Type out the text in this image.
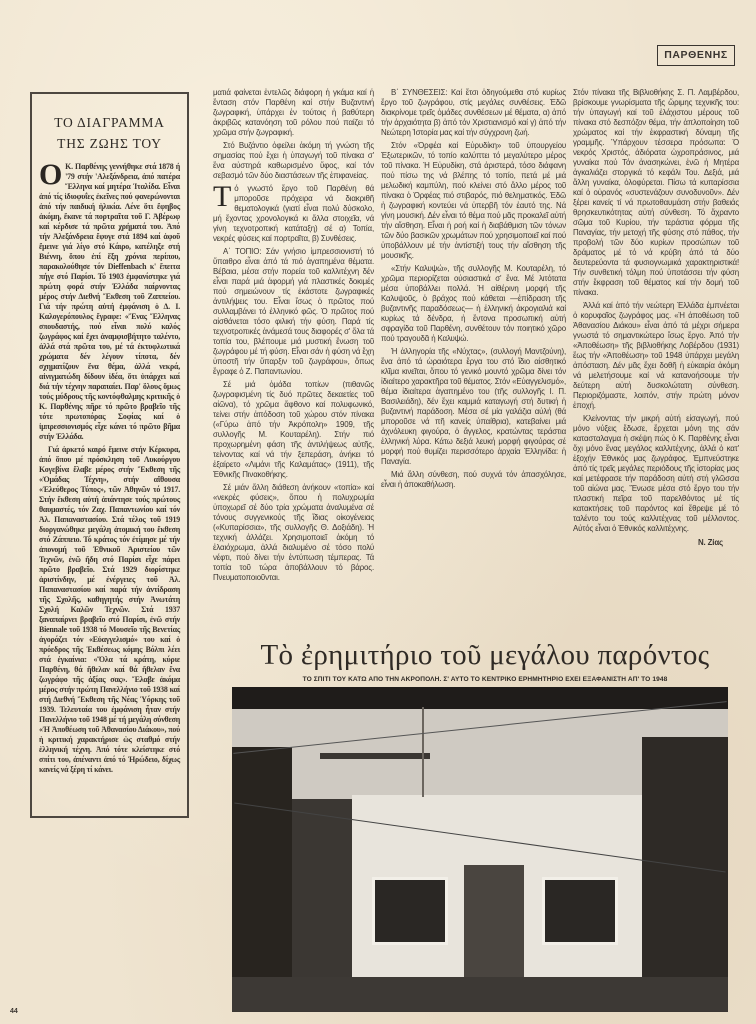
ΠΑΡΘΕΝΗΣ
ΤΟ ΔΙΑΓΡΑΜΜΑ
ΤΗΣ ΖΩΗΣ ΤΟΥ

Ο Κ. Παρθένης γεννήθηκε στά 1878 ή '79 στήν 'Αλεξάνδρεια, ἀπό πατέρα Ἕλληνα καί μητέρα Ἰταλίδα. Εἶναι ἀπό τίς ἰδιοφυΐες ἐκεῖνες πού φανερώνονται ἀπό τήν παιδική ἡλικία. Λένε ὅτι ἔφηβος ἀκόμη, ἔκανε τά πορτραῖτα τοῦ Γ. Ἀβέρωφ καί κέρδισε τά πρῶτα χρήματά του. Ἀπό τήν Ἀλεξάνδρεια ἔφυγε στά 1894 καί ἀφοῦ ἔμεινε γιά λίγο στό Κάιρο, κατέληξε στή Βιέννη, ὅπου ἐπί ἕξη χρόνια περίπου, παρακολούθησε τόν Dieffenbach κ' ἔπειτα πήγε στό Παρίσι. Τό 1903 ἐμφανίστηκε γιά πρώτη φορά στήν Ἑλλάδα παίρνοντας μέρος στήν Διεθνή Ἔκθεση τοῦ Ζαππείου. Γιά τήν πρώτη αὐτή ἐμφάνιση ὁ Δ. Ι. Καλογερόπουλος ἔγραφε: «Ἕνας Ἕλληνας σπουδαστής, πού εἶναι πολύ καλός ζωγράφος καί ἔχει ἀναμφισβήτητο ταλέντο, ἀλλά στά πρῶτα του, μέ τά ἐκτυφλωτικά χρώματα δέν λέγουν τίποτα, δέν σχηματίζουν ἕνα θέμα, ἀλλά νεκρά, αἰνιγματώδη δίδουν ἰδέα, ὅτι ὑπάρχει καί διά τήν τέχνην παραπαίει. Παρ' ὅλους ὅμως τούς μύδρους τῆς κοντόφθαλμης κριτικῆς ὁ Κ. Παρθένης πῆρε τό πρῶτο βραβεῖο τῆς τότε πρωτοπόρας Σοφίας καί ὁ ἰμπρεσσιονισμός εἶχε κάνει τό πρῶτο βῆμα στήν Ἑλλάδα.

Γιά ἀρκετό καιρό ἔμεινε στήν Κέρκυρα, ἀπό ὅπου μέ πρόσκληση τοῦ Λυκούργου Κογεβίνα ἔλαβε μέρος στήν Ἔκθεση τῆς «Ὁμάδας Τέχνη», στήν αἴθουσα «Ἐλεύθερος Τύπος», τῶν Ἀθηνῶν τό 1917. Στήν ἔκθεση αὐτή ἀπάντησε τούς πρώτους θαυμαστές, τόν Ζαχ. Παπαντωνίου καί τόν Ἀλ. Παπαναστασίου. Στά τέλος τοῦ 1919 διοργανώθηκε μεγάλη ἀτομική του ἔκθεση στό Ζάππειο. Τό κράτος τόν ἐτίμησε μέ τήν ἀπονομή τοῦ Ἐθνικοῦ Ἀριστείου τῶν Τεχνῶν, ἐνῶ ἤδη στό Παρίσι εἶχε πάρει πρῶτο βραβεῖο. Στά 1929 διορίστηκε ἀριστίνδην, μέ ἐνέργειες τοῦ Ἀλ. Παπαναστασίου καί παρά τήν ἀντίδραση τῆς Σχολῆς, καθηγητής στήν Ἀνωτάτη Σχολή Καλῶν Τεχνῶν. Στά 1937 ξαναπαίρνει βραβεῖο στό Παρίσι, ἐνῶ στήν Biennale τοῦ 1938 τό Μουσεῖο τῆς Βενετίας ἀγοράζει τόν «Εὐαγγελισμό» του καί ὁ πρόεδρος τῆς Ἐκθέσεως κόμης Βόλπι λέει στά ἐγκαίνια: «Ὅλα τά κράτη, κύριε Παρθένη, θά ἤθελαν καί θά ἤθελαν ἕνα ζωγράφο τῆς ἀξίας σας». Ἔλαβε ἀκόμα μέρος στήν πρώτη Πανελλήνιο τοῦ 1938 καί στή Διεθνή Ἔκθεση τῆς Νέας Ὑόρκης τοῦ 1939. Τελευταία του ἐμφάνιση ἦταν στήν Πανελλήνιο τοῦ 1948 μέ τή μεγάλη σύνθεση «Ἡ Ἀποθέωση τοῦ Ἀθανασίου Διάκου», πού ἡ κριτική χαρακτήρισε ὡς σταθμό στήν ἑλληνική τέχνη. Ἀπό τότε κλείστηκε στό σπίτι του, ἀπέναντι ἀπό τό Ἡρώδειο, δίχως κανείς νά ξέρη τί κάνει.

ματιά φαίνεται ἐντελῶς διάφορη ἡ γκάμα καί ἡ ἔνταση στόν Παρθένη καί στήν Βυζαντινή ζωγραφική, ὑπάρχει ἐν τούτοις ἡ βαθύτερη ἀκριβῶς κατανόηση τοῦ ρόλου πού παίζει τό χρῶμα στήν ζωγραφική.

Στό Βυζάντιο ὀφείλει ἀκόμη τή γνώση τῆς σημασίας πού ἔχει ἡ ὑπαγωγή τοῦ πίνακα σ' ἕνα αὐστηρά καθωρισμένο ὕφος, καί τόν σεβασμό τῶν δύο διαστάσεων τῆς ἐπιφανείας.

Τό γνωστό ἔργο τοῦ Παρθένη θά μποροῦσε πρόχειρα νά διακριθῆ θεματολογικά (γιατί εἶναι πολύ δύσκολο, μή ἔχοντας χρονολογικά κι ἄλλα στοιχεῖα, νά γίνη τεχνοτροπική κατάταξη) σέ α) Τοπία, νεκρές φύσεις καί πορτραῖτα, β) Συνθέσεις.

Α΄ ΤΟΠΙΟ: Σάν γνήσιο ἰμπρεσσιονιστή τό ὕπαιθρο εἶναι ἀπό τά πιό ἀγαπημένα θέματα. Βέβαια, μέσα στήν πορεία τοῦ καλλιτέχνη δέν εἶναι παρά μιά ἀφορμή γιά πλαστικές δοκιμές πού σημειώνουν τίς ἑκάστοτε ζωγραφικές ἀντιλήψεις του. Εἶναι ἴσως ὁ πρῶτος πού συλλαμβάνει τό ἑλληνικό φῶς. Ὁ πρῶτος πού αἰσθάνεται τόσο φιλική τήν φύση. Παρά τίς τεχνοτροπικές ἀνάμεσά τους διαφορές σ' ὅλα τά τοπία του, βλέπουμε μιά μυστική ἕνωση τοῦ ζωγράφου μέ τή φύση. Εἶναι σάν ἡ φύση νά ἔχη ὑποστῆ τήν ὕπαρξιν τοῦ ζωγράφου», ὅπως ἔγραφε ὁ Ζ. Παπαντωνίου.

Σέ μιά ὁμάδα τοπίων (πιθανῶς ζωγραφισμένη τίς δυό πρῶτες δεκαετίες τοῦ αἰῶνα), τό χρῶμα ἄφθονο καί πολυφωνικό, τείνει στήν ἀπόδοση τοῦ χώρου στόν πίνακα («Γύρω ἀπό τήν Ἀκρόπολη» 1909, τῆς συλλογῆς Μ. Κουταρέλη). Στήν πιό προχωρημένη φάση τῆς ἀντιλήψεως αὐτῆς, τείνοντας καί νά τήν ξεπεράση, ἀνήκει τό ἐξαίρετο «Λιμάνι τῆς Καλαμάτας» (1911), τῆς Ἐθνικῆς Πινακοθήκης.

Σέ μιάν ἄλλη διάθεση ἀνήκουν «τοπία» καί «νεκρές φύσεις», ὅπου ἡ πολυχρωμία ὑποχωρεῖ σέ δύο τρία χρώματα ἀναλυμένα σέ τόνους συγγενικούς τῆς ἴδιας οἰκογένειας («Κυπαρίσσια», τῆς συλλογῆς Θ. Δοξιάδη). Ἡ τεχνική ἀλλάζει. Χρησιμοποιεῖ ἀκόμη τό ἐλαιόχρωμα, ἀλλά διαλυμένο σέ τόσο πολύ νέφτι, πού δίνει τήν ἐντύπωση τέμπερας. Τά τοπία τοῦ τώρα ἀποβάλλουν τό βάρος. Πνευματοποιοῦνται.

Β΄ ΣΥΝΘΕΣΕΙΣ: Καί ἔτσι ὁδηγούμεθα στό κυρίως ἔργο τοῦ ζωγράφου, στίς μεγάλες συνθέσεις. Ἐδῶ διακρίνομε τρεῖς ὁμάδες συνθέσεων μέ θέματα, α) ἀπό τήν ἀρχαιότητα β) ἀπό τόν Χριστιανισμό καί γ) ἀπό τήν Νεώτερη Ἱστορία μας καί τήν σύγχρονη ζωή.

Στόν «Ὀρφέα καί Εὐρυδίκη» τοῦ ὑπουργείου Ἐξωτερικῶν, τό τοπίο καλύπτει τό μεγαλύτερο μέρος τοῦ πίνακα. Ἡ Εὐρυδίκη, στά ἀριστερά, τόσο διάφανη πού πίσω της νά βλέπης τό τοπίο, πετά μέ μιά μελωδική καμπύλη, πού κλείνει στό ἄλλο μέρος τοῦ πίνακα ὁ Ὀρφέας πιό στιβαρός, πιό θεληματικός. Ἐδῶ ἡ ζωγραφική κοντεύει νά ὑπερβῆ τόν ἑαυτό της. Νά γίνη μουσική. Δέν εἶναι τό θέμα πού μᾶς προκαλεῖ αὐτή τήν αἴσθηση. Εἶναι ἡ ροή καί ἡ διαβάθμιση τῶν τόνων τῶν δύο βασικῶν χρωμάτων πού χρησιμοποιεῖ καί πού ὑποβάλλουν μέ τήν ἀντίστιξή τους τήν αἴσθηση τῆς μουσικῆς.

«Στήν Καλυψώ», τῆς συλλογῆς Μ. Κουταρέλη, τό χρῶμα περιορίζεται οὐσιαστικά σ' ἕνα. Μέ λιτότατα μέσα ὑποβάλλει πολλά. Ἡ αἰθέρινη μορφή τῆς Καλυψοῦς, ὁ βράχος πού κάθεται —ἐπίδραση τῆς βυζαντινῆς παραδόσεως— ἡ ἑλληνική ἀκρογιαλιά καί κυρίως τά δένδρα, ἡ ἔντονα προσωπική αὐτή σφραγίδα τοῦ Παρθένη, συνθέτουν τόν ποιητικό χῶρο πού τραγουδᾶ ἡ Καλυψώ.

Ἡ ἀλληγορία τῆς «Νύχτας», (συλλογή Μαντζούνη), ἕνα ἀπό τά ὡραιότερα ἔργα του στό ἴδιο αἰσθητικό κλῖμα κινεῖται, ὅπου τό γενικό μουντό χρῶμα δίνει τόν ἰδιαίτερο χαρακτῆρα τοῦ θέματος. Στόν «Εὐαγγελισμό», θέμα ἰδιαίτερα ἀγαπημένο του (τῆς συλλογῆς Ι. Π. Βασιλειάδη), δέν ἔχει καμμιά καταγωγή στή δυτική ἡ βυζαντινή παράδοση. Μέσα σέ μία γαλάζια αὐλή (θά μποροῦσε νά πῆ κανείς ὑπαίθρια), κατεβαίνει μιά ἀχνόλευκη φιγούρα, ὁ ἄγγελος, κρατώντας τεράστια ἑλληνική λύρα. Κάτω δεξιά λευκή μορφή φιγούρας σέ μορφή πού θυμίζει περισσότερο ἀρχαία Ἑλληνίδα: ἡ Παναγία.

Μιά ἄλλη σύνθεση, πού συχνά τόν ἀπασχόλησε, εἶναι ἡ ἀποκαθήλωση.

Στόν πίνακα τῆς Βιβλιοθήκης Σ. Π. Λαμβέρδου, βρίσκουμε γνωρίσματα τῆς ὥριμης τεχνικῆς του: τήν ὑπαγωγή καί τοῦ ἐλάχιστου μέρους τοῦ πίνακα στό δεσπόζον θέμα, τήν ἁπλοποίηση τοῦ χρώματος καί τήν ἐκφραστική δύναμη τῆς γραμμῆς. Ὑπάρχουν τέσσερα πρόσωπα: Ὁ νεκρός Χριστός, ἀδιόρατα ὠχροπράσινος, μιά γυναίκα πού Τόν ἀνασηκώνει, ἐνῶ ἡ Μητέρα ἀγκαλιάζει στοργικά τό κεφάλι Του. Δεξιά, μιά ἄλλη γυναίκα, ὀλοφύρεται. Πίσω τά κυπαρίσσια καί ὁ οὐρανός «συστενάζουν συνοδυνοῦν». Δέν ξέρει κανείς τί νά πρωτοθαυμάση στήν βαθειάς θρησκευτικότητας αὐτή σύνθεση. Τό ἄχραντο σῶμα τοῦ Κυρίου, τήν τεράστια φόρμα τῆς Παναγίας, τήν μετοχή τῆς φύσης στό πάθος, τήν προβολή τῶν δύο κυρίων προσώπων τοῦ δράματος μέ τό νά κρύβη ἀπό τά δύο δευτερεύοντα τά φυσιογνωμικά χαρακτηριστικά! Τήν συνθετική τόλμη πού ὑποτάσσει τήν φύση στήν ἔκφραση τοῦ θέματος καί τήν δομή τοῦ πίνακα.

Ἀλλά καί ἀπό τήν νεώτερη Ἑλλάδα ἐμπνέεται ὁ κορυφαῖος ζωγράφος μας. «Ἡ ἀποθέωση τοῦ Ἀθανασίου Διάκου» εἶναι ἀπό τά μέχρι σήμερα γνωστά τό σημαντικώτερο ἴσως ἔργο. Ἀπό τήν «Ἀποθέωση» τῆς βιβλιοθήκης Λοβέρδου (1931) ἕως τήν «Ἀποθέωση» τοῦ 1948 ὑπάρχει μεγάλη ἀπόσταση. Δέν μᾶς ἔχει δοθῆ ἡ εὐκαιρία ἀκόμη νά μελετήσουμε καί νά κατανοήσουμε τήν δεύτερη αὐτή δυσκολώτατη σύνθεση. Περιοριζόμαστε, λοιπόν, στήν πρώτη μόνον ἐποχή.

Κλείνοντας τήν μικρή αὐτή εἰσαγωγή, πού μόνο νύξεις ἔδωσε, ἔρχεται μόνη της σάν κατασταλαγμα ἡ σκέψη πώς ὁ Κ. Παρθένης εἶναι ὄχι μόνο ἕνας μεγάλος καλλιτέχνης, ἀλλά ὁ κατ' ἐξοχήν Ἐθνικός μας ζωγράφος. Ἐμπνεύστηκε ἀπό τίς τρεῖς μεγάλες περιόδους τῆς ἱστορίας μας καί μετέφρασε τήν παράδοση αὐτή στή γλῶσσα τοῦ αἰώνα μας. Ἕνωσε μέσα στό ἔργο του τήν πλαστική πεῖρα τοῦ παρελθόντος μέ τίς κατακτήσεις τοῦ παρόντος καί ἔθρεψε μέ τό ταλέντο του τούς καλλιτέχνας τοῦ μέλλοντος. Αὐτός εἶναι ὁ Ἐθνικός καλλιτέχνης.

Ν. Ζίας

Τὸ ἐρημιτήριο τοῦ μεγάλου παρόντος
ΤΟ ΣΠΙΤΙ ΤΟΥ ΚΑΤΩ ΑΠΟ ΤΗΝ ΑΚΡΟΠΟΛΗ. Σ' ΑΥΤΟ ΤΟ ΚΕΝΤΡΙΚΟ ΕΡΗΜΗΤΗΡΙΟ ΕΧΕΙ ΕΞΑΦΑΝΙΣΤΗ ΑΠ' ΤΟ 1948
44
